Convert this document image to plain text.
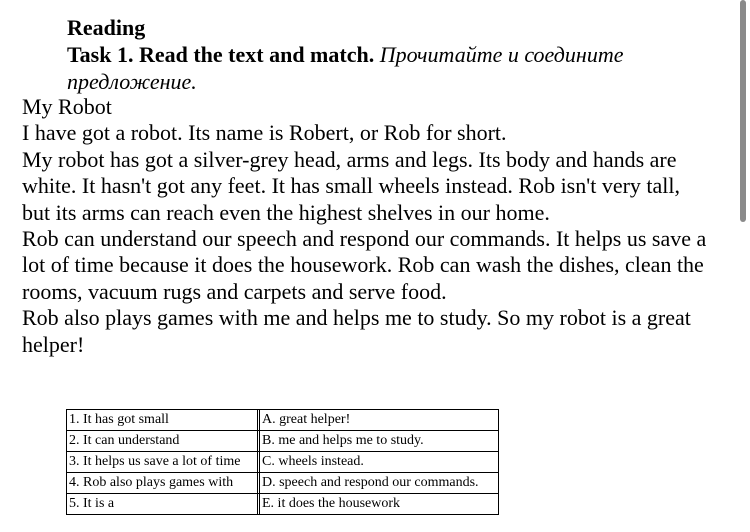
Reading

Task 1. Read the text and match. Прочитайте и соедините

предложение.

My Robot

I have got a robot. Its name is Robert, or Rob for short.

My robot has got a silver-grey head, arms and legs. Its body and hands are white. It hasn't got any feet. It has small wheels instead. Rob isn't very tall, but its arms can reach even the highest shelves in our home.

Rob can understand our speech and respond our commands. It helps us save a lot of time because it does the housework. Rob can wash the dishes, clean the rooms, vacuum rugs and carpets and serve food.

Rob also plays games with me and helps me to study. So my robot is a great helper!

1. It has got small		A. great helper!
2. It can understand		B. me and helps me to study.
3. It helps us save a lot of time		C. wheels instead.
4. Rob also plays games with		D. speech and respond our commands.
5. It is a		E. it does the housework
